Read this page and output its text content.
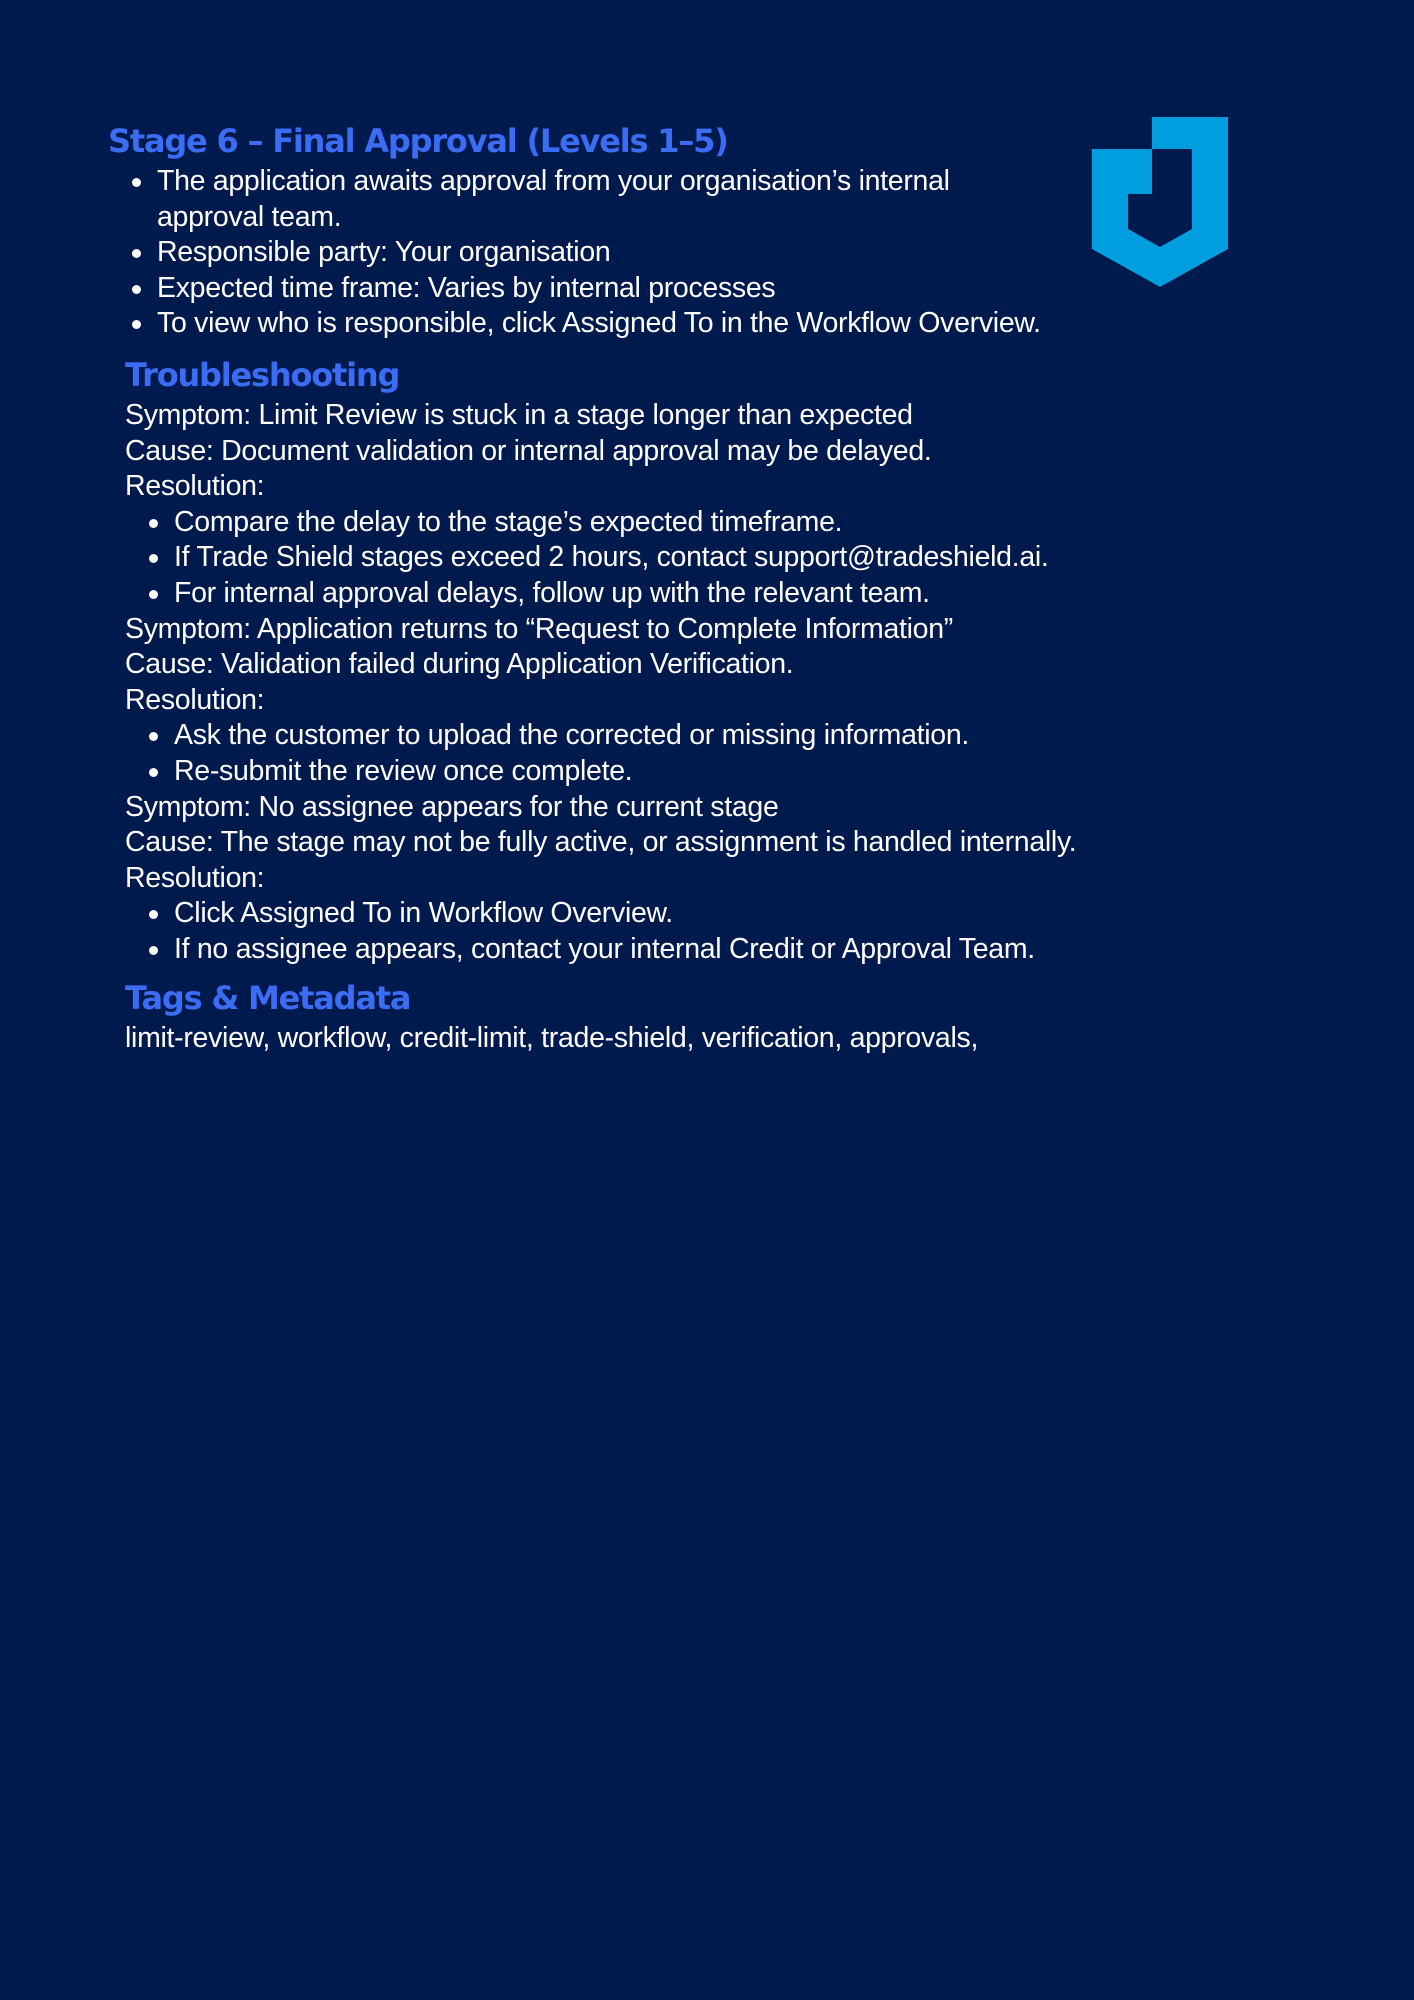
Stage 6 – Final Approval (Levels 1–5)
The application awaits approval from your organisation’s internal approval team.
Responsible party: Your organisation
Expected time frame: Varies by internal processes
To view who is responsible, click Assigned To in the Workflow Overview.
Troubleshooting
Symptom: Limit Review is stuck in a stage longer than expected
Cause: Document validation or internal approval may be delayed.
Resolution:
Compare the delay to the stage’s expected timeframe.
If Trade Shield stages exceed 2 hours, contact support@tradeshield.ai.
For internal approval delays, follow up with the relevant team.
Symptom: Application returns to “Request to Complete Information”
Cause: Validation failed during Application Verification.
Resolution:
Ask the customer to upload the corrected or missing information.
Re-submit the review once complete.
Symptom: No assignee appears for the current stage
Cause: The stage may not be fully active, or assignment is handled internally.
Resolution:
Click Assigned To in Workflow Overview.
If no assignee appears, contact your internal Credit or Approval Team.
Tags & Metadata
limit-review, workflow, credit-limit, trade-shield, verification, approvals,
